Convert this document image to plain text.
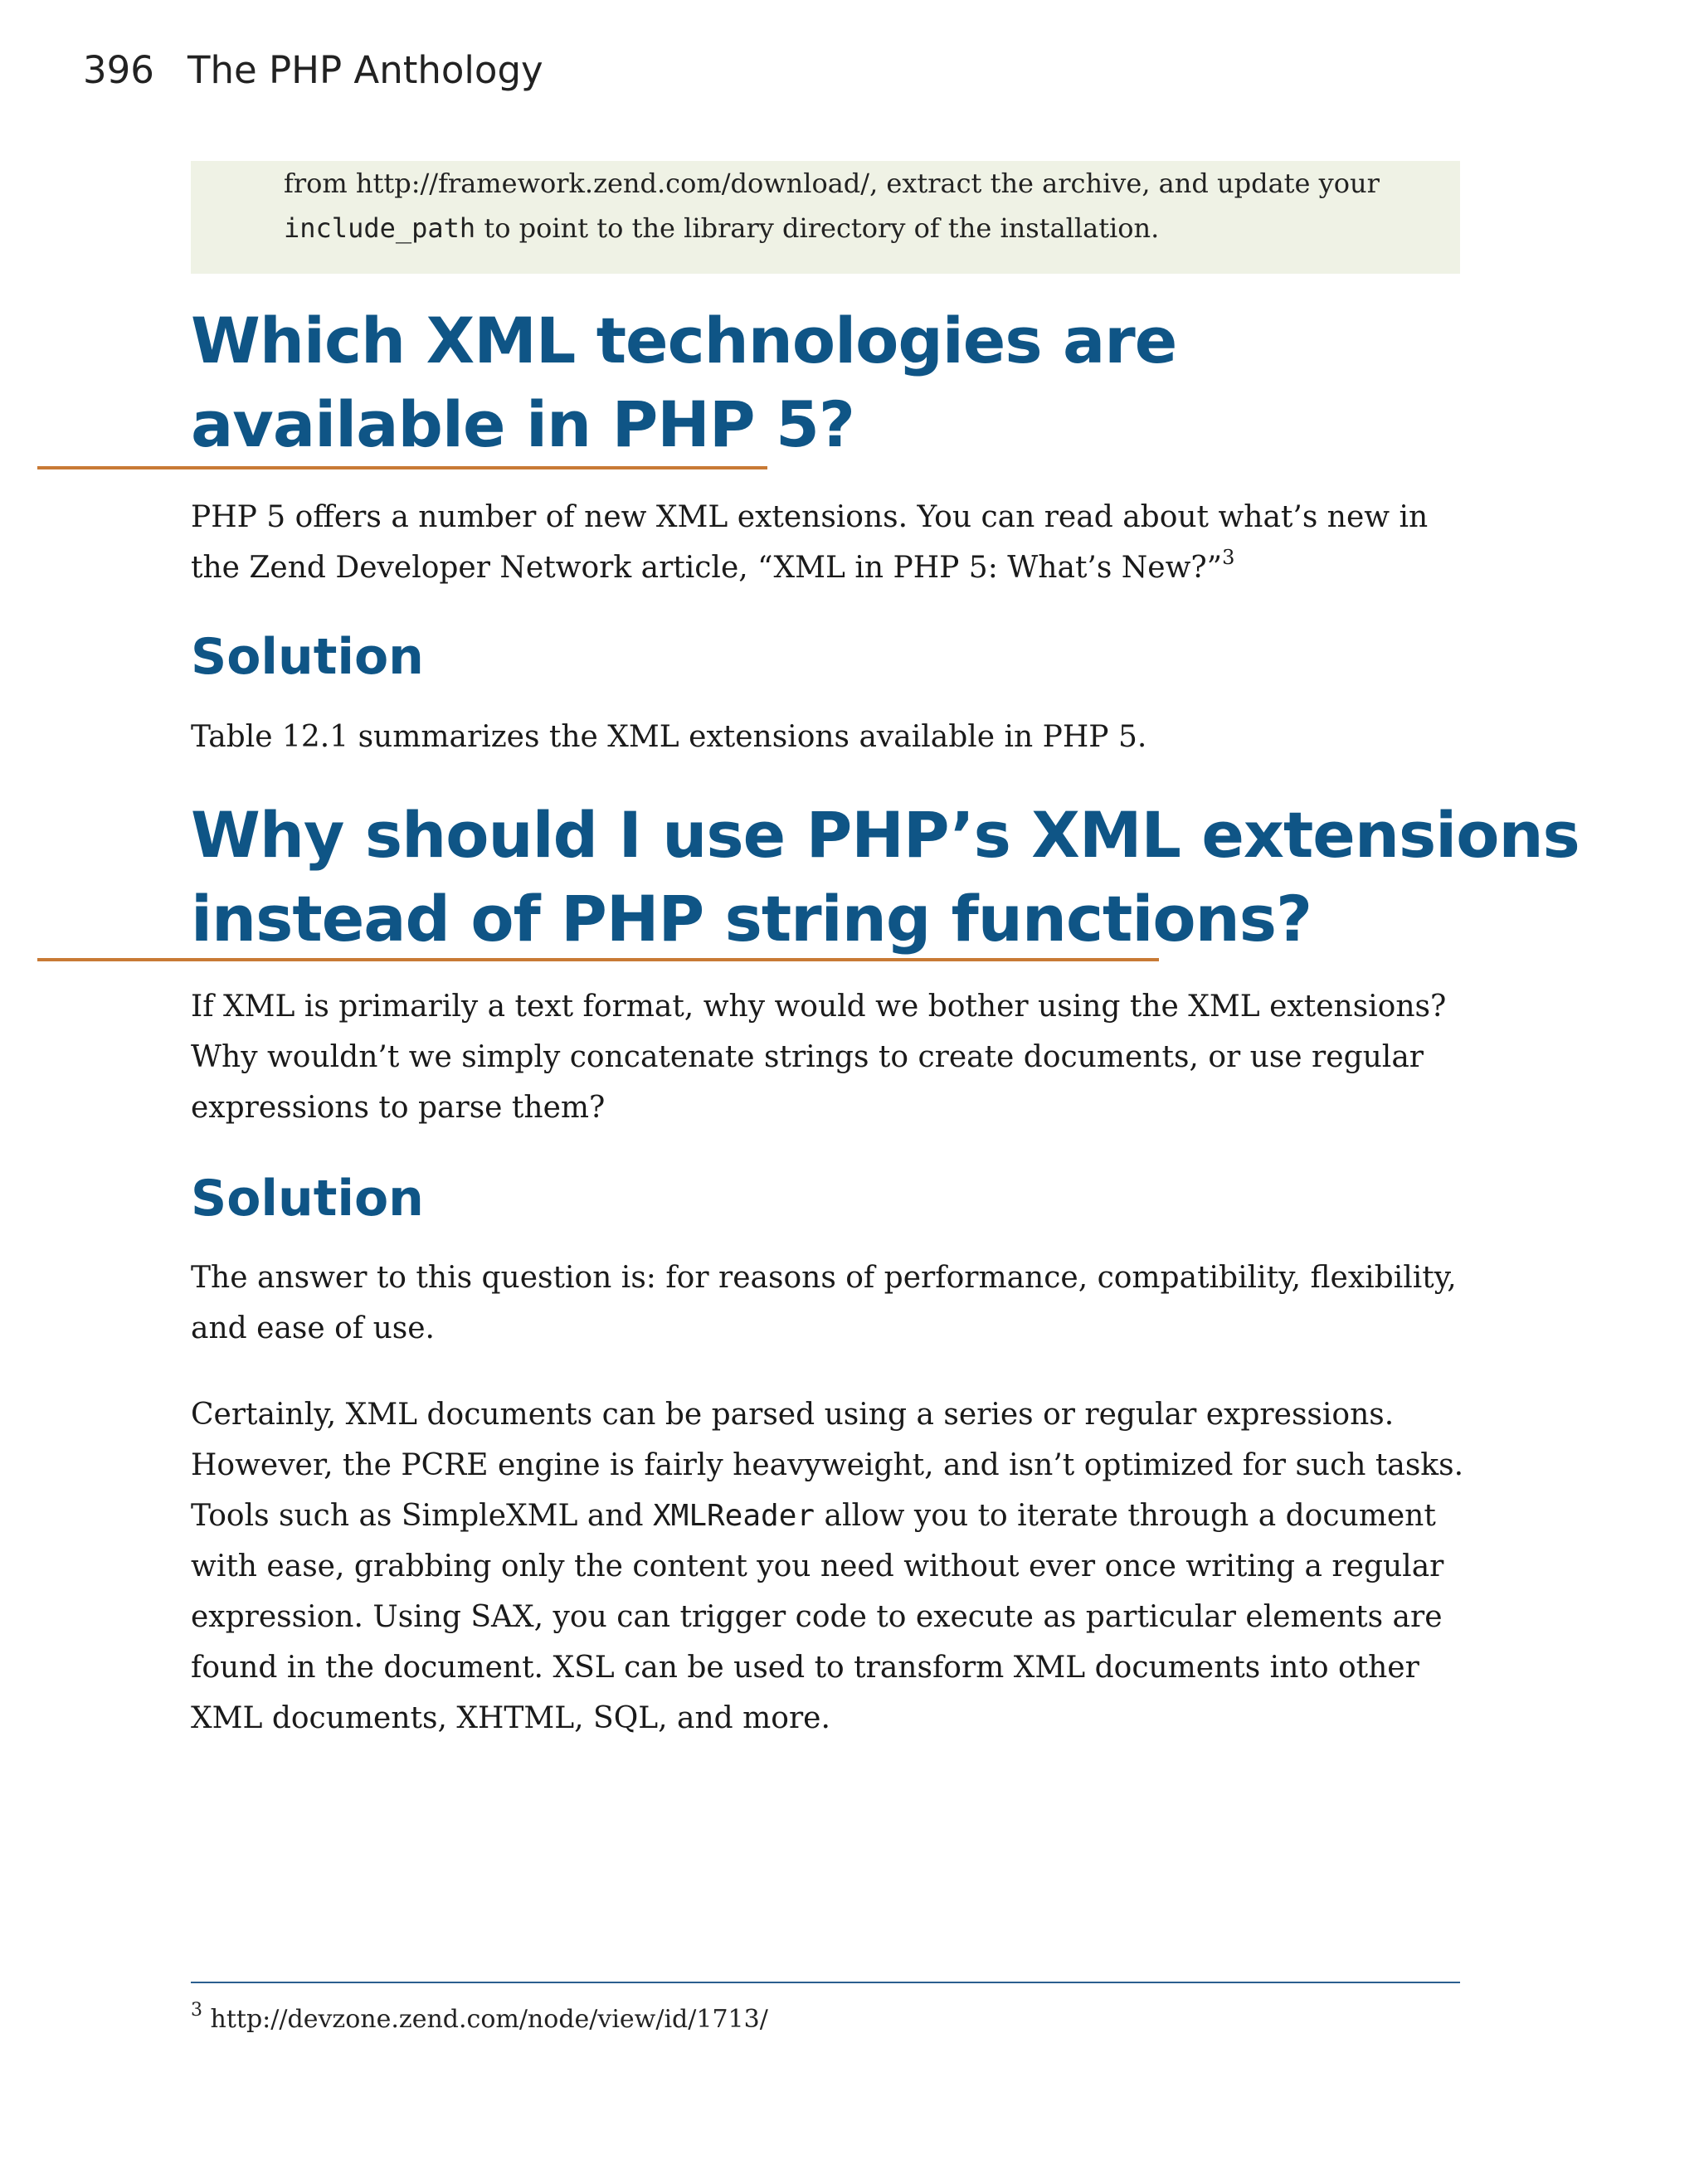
396 The PHP Anthology

from http://framework.zend.com/download/, extract the archive, and update your
include_path to point to the library directory of the installation.

Which XML technologies are
available in PHP 5?

PHP 5 offers a number of new XML extensions. You can read about what’s new in
the Zend Developer Network article, “XML in PHP 5: What’s New?”$^3$

Solution

Table 12.1 summarizes the XML extensions available in PHP 5.

Why should I use PHP’s XML extensions
instead of PHP string functions?

If XML is primarily a text format, why would we bother using the XML extensions?
Why wouldn’t we simply concatenate strings to create documents, or use regular
expressions to parse them?

Solution

The answer to this question is: for reasons of performance, compatibility, flexibility,
and ease of use.

Certainly, XML documents can be parsed using a series or regular expressions.
However, the PCRE engine is fairly heavyweight, and isn’t optimized for such tasks.
Tools such as SimpleXML and XMLReader allow you to iterate through a document
with ease, grabbing only the content you need without ever once writing a regular
expression. Using SAX, you can trigger code to execute as particular elements are
found in the document. XSL can be used to transform XML documents into other
XML documents, XHTML, SQL, and more.

$^3$ http://devzone.zend.com/node/view/id/1713/
